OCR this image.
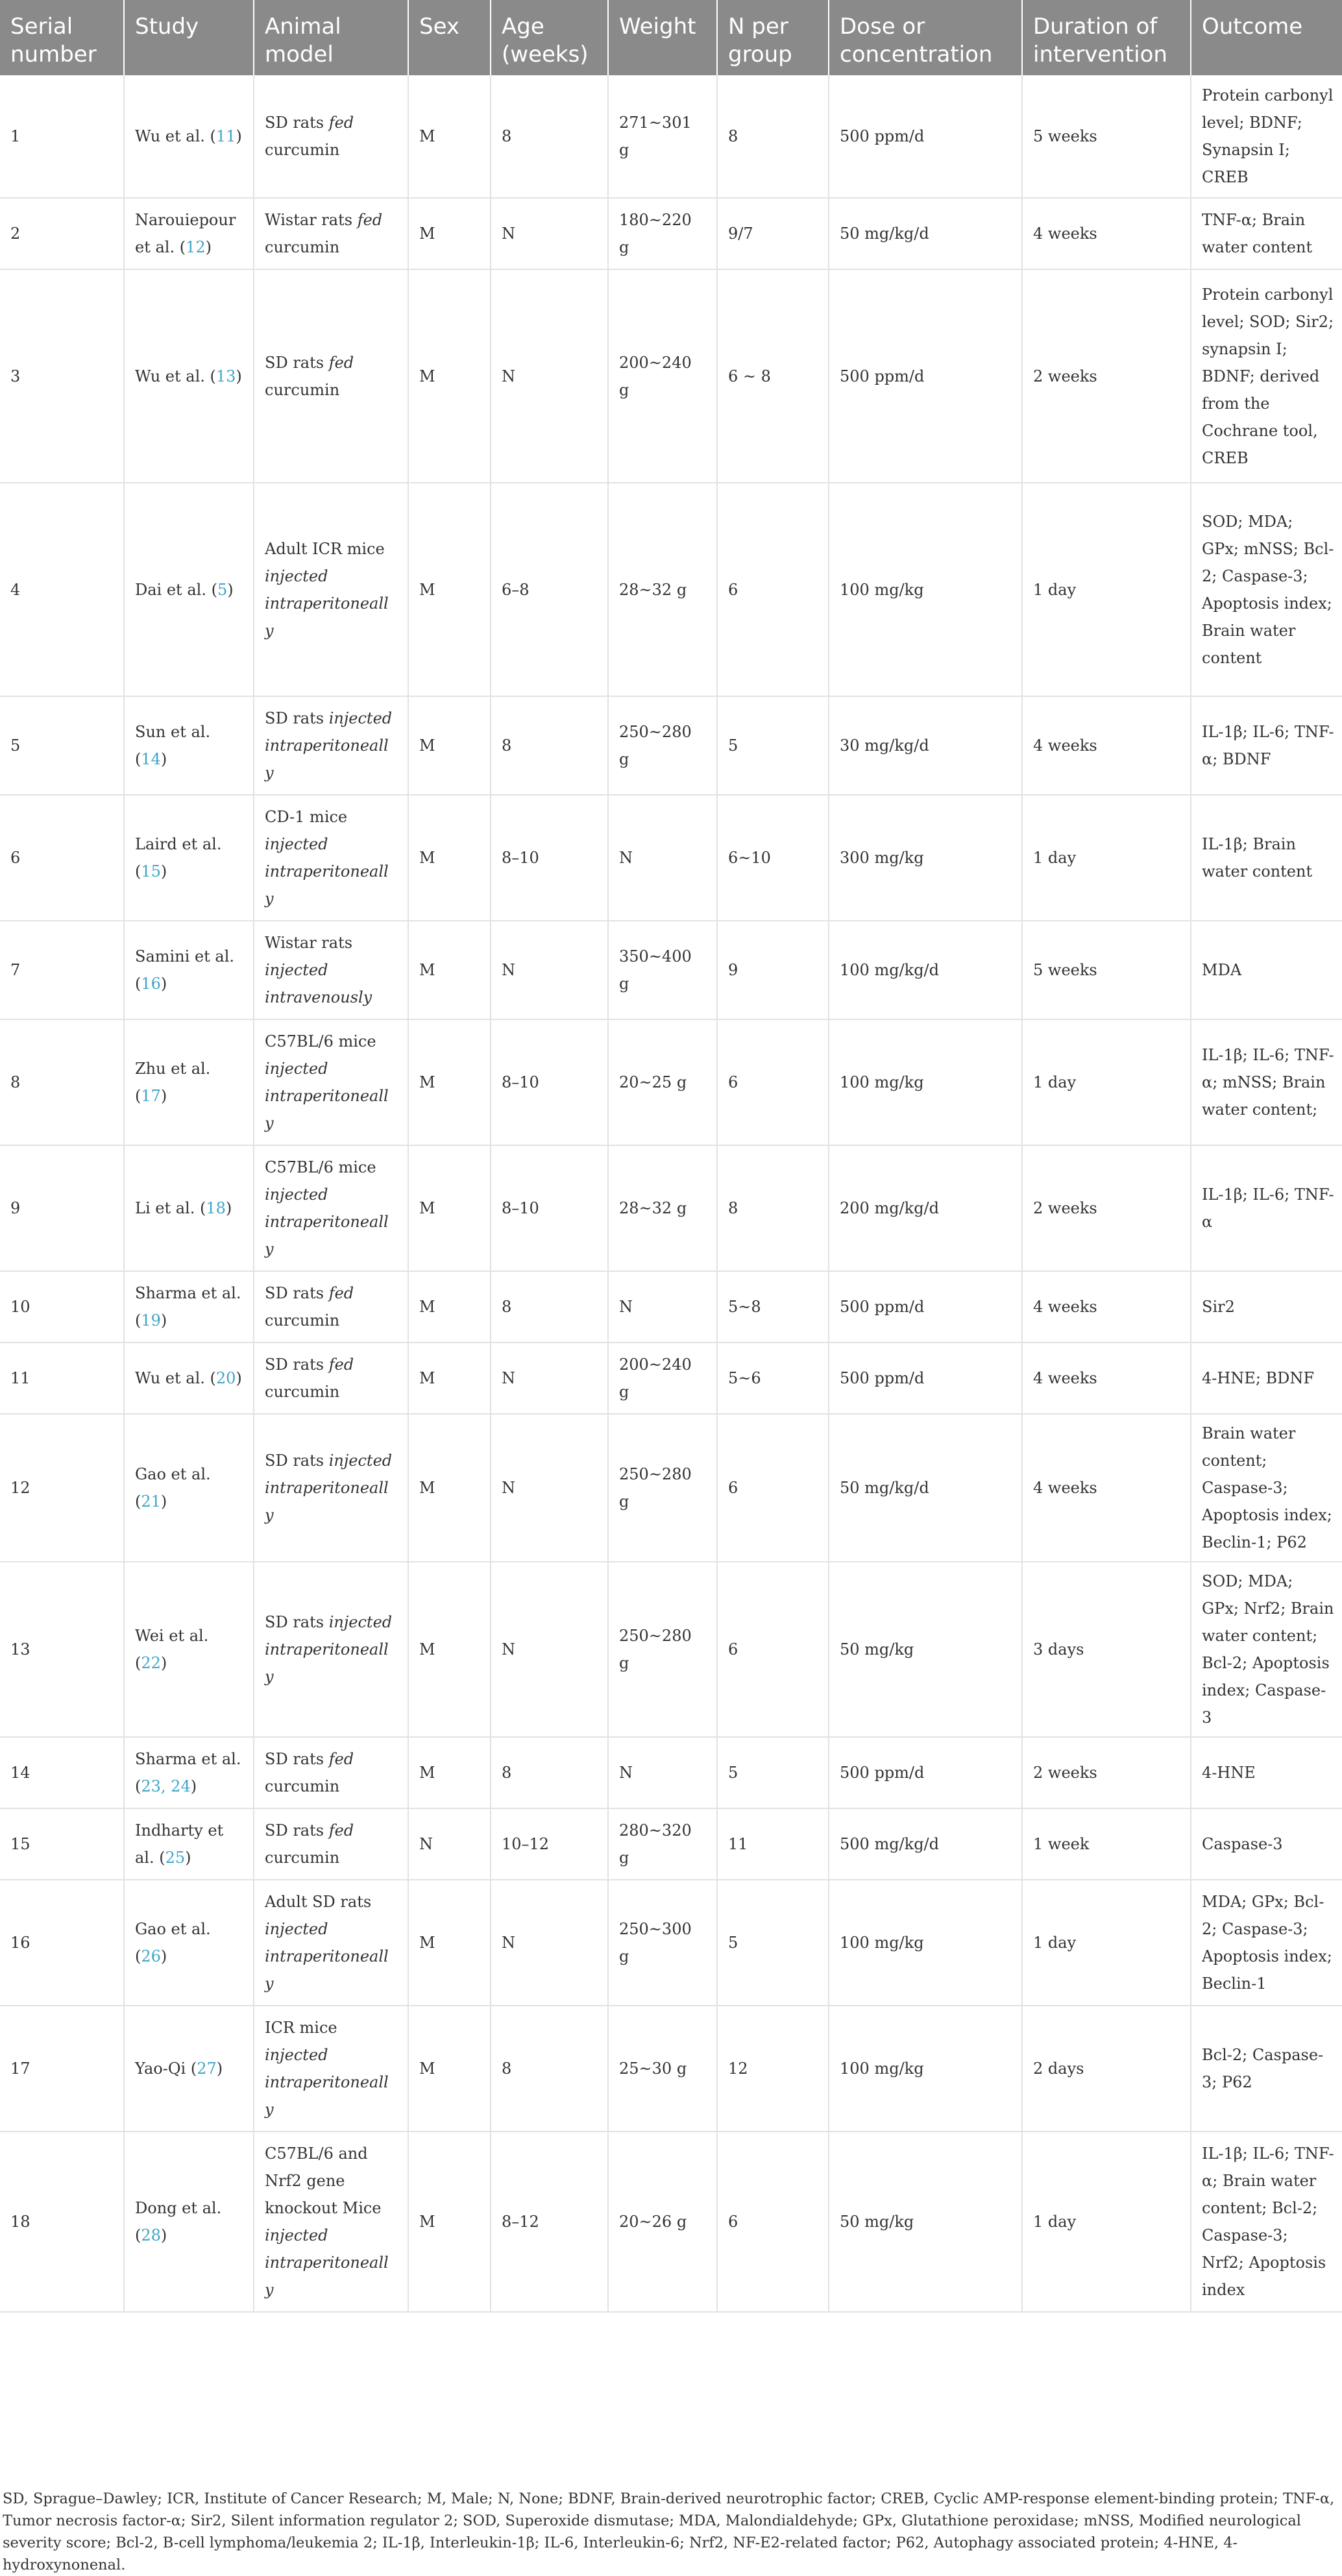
Serial number	Study	Animal model	Sex	Age (weeks)	Weight	N per group	Dose or concentration	Duration of intervention	Outcome
1	Wu et al. (11)	SD rats fed curcumin	M	8	271~301 g	8	500 ppm/d	5 weeks	Protein carbonyl level; BDNF; Synapsin I; CREB
2	Narouiepour et al. (12)	Wistar rats fed curcumin	M	N	180~220 g	9/7	50 mg/kg/d	4 weeks	TNF-α; Brain water content
3	Wu et al. (13)	SD rats fed curcumin	M	N	200~240 g	6 ~ 8	500 ppm/d	2 weeks	Protein carbonyl level; SOD; Sir2; synapsin I; BDNF; derived from the Cochrane tool, CREB
4	Dai et al. (5)	Adult ICR mice injected intraperitoneally	M	6–8	28~32 g	6	100 mg/kg	1 day	SOD; MDA; GPx; mNSS; Bcl-2; Caspase-3; Apoptosis index; Brain water content
5	Sun et al. (14)	SD rats injected intraperitoneally	M	8	250~280 g	5	30 mg/kg/d	4 weeks	IL-1β; IL-6; TNF-α; BDNF
6	Laird et al. (15)	CD-1 mice injected intraperitoneally	M	8–10	N	6~10	300 mg/kg	1 day	IL-1β; Brain water content
7	Samini et al. (16)	Wistar rats injected intravenously	M	N	350~400 g	9	100 mg/kg/d	5 weeks	MDA
8	Zhu et al. (17)	C57BL/6 mice injected intraperitoneally	M	8–10	20~25 g	6	100 mg/kg	1 day	IL-1β; IL-6; TNF-α; mNSS; Brain water content;
9	Li et al. (18)	C57BL/6 mice injected intraperitoneally	M	8–10	28~32 g	8	200 mg/kg/d	2 weeks	IL-1β; IL-6; TNF-α
10	Sharma et al. (19)	SD rats fed curcumin	M	8	N	5~8	500 ppm/d	4 weeks	Sir2
11	Wu et al. (20)	SD rats fed curcumin	M	N	200~240 g	5~6	500 ppm/d	4 weeks	4-HNE; BDNF
12	Gao et al. (21)	SD rats injected intraperitoneally	M	N	250~280 g	6	50 mg/kg/d	4 weeks	Brain water content; Caspase-3; Apoptosis index; Beclin-1; P62
13	Wei et al. (22)	SD rats injected intraperitoneally	M	N	250~280 g	6	50 mg/kg	3 days	SOD; MDA; GPx; Nrf2; Brain water content; Bcl-2; Apoptosis index; Caspase-3
14	Sharma et al. (23, 24)	SD rats fed curcumin	M	8	N	5	500 ppm/d	2 weeks	4-HNE
15	Indharty et al. (25)	SD rats fed curcumin	N	10–12	280~320 g	11	500 mg/kg/d	1 week	Caspase-3
16	Gao et al. (26)	Adult SD rats injected intraperitoneally	M	N	250~300 g	5	100 mg/kg	1 day	MDA; GPx; Bcl-2; Caspase-3; Apoptosis index; Beclin-1
17	Yao-Qi (27)	ICR mice injected intraperitoneally	M	8	25~30 g	12	100 mg/kg	2 days	Bcl-2; Caspase-3; P62
18	Dong et al. (28)	C57BL/6 and Nrf2 gene knockout Mice injected intraperitoneally	M	8–12	20~26 g	6	50 mg/kg	1 day	IL-1β; IL-6; TNF-α; Brain water content; Bcl-2; Caspase-3; Nrf2; Apoptosis index
SD, Sprague–Dawley; ICR, Institute of Cancer Research; M, Male; N, None; BDNF, Brain-derived neurotrophic factor; CREB, Cyclic AMP-response element-binding protein; TNF-α, Tumor necrosis factor-α; Sir2, Silent information regulator 2; SOD, Superoxide dismutase; MDA, Malondialdehyde; GPx, Glutathione peroxidase; mNSS, Modified neurological severity score; Bcl-2, B-cell lymphoma/leukemia 2; IL-1β, Interleukin-1β; IL-6, Interleukin-6; Nrf2, NF-E2-related factor; P62, Autophagy associated protein; 4-HNE, 4-hydroxynonenal.
